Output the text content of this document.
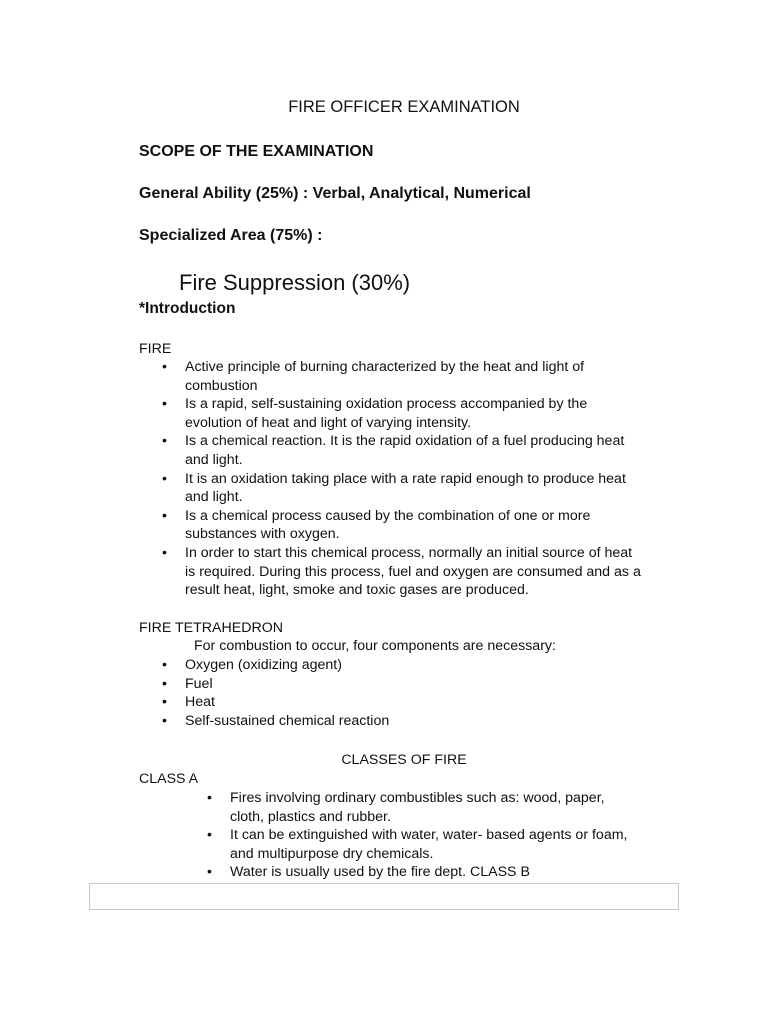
FIRE OFFICER EXAMINATION
SCOPE OF THE EXAMINATION
General Ability (25%) : Verbal, Analytical, Numerical
Specialized Area (75%) :
Fire Suppression (30%)
*Introduction
FIRE
• Active principle of burning characterized by the heat and light of
combustion
• Is a rapid, self-sustaining oxidation process accompanied by the
evolution of heat and light of varying intensity.
• Is a chemical reaction. It is the rapid oxidation of a fuel producing heat
and light.
• It is an oxidation taking place with a rate rapid enough to produce heat
and light.
• Is a chemical process caused by the combination of one or more
substances with oxygen.
• In order to start this chemical process, normally an initial source of heat
is required. During this process, fuel and oxygen are consumed and as a
result heat, light, smoke and toxic gases are produced.
FIRE TETRAHEDRON
For combustion to occur, four components are necessary:
• Oxygen (oxidizing agent)
• Fuel
• Heat
• Self-sustained chemical reaction
CLASSES OF FIRE
CLASS A
• Fires involving ordinary combustibles such as: wood, paper,
cloth, plastics and rubber.
• It can be extinguished with water, water- based agents or foam,
and multipurpose dry chemicals.
• Water is usually used by the fire dept. CLASS B
